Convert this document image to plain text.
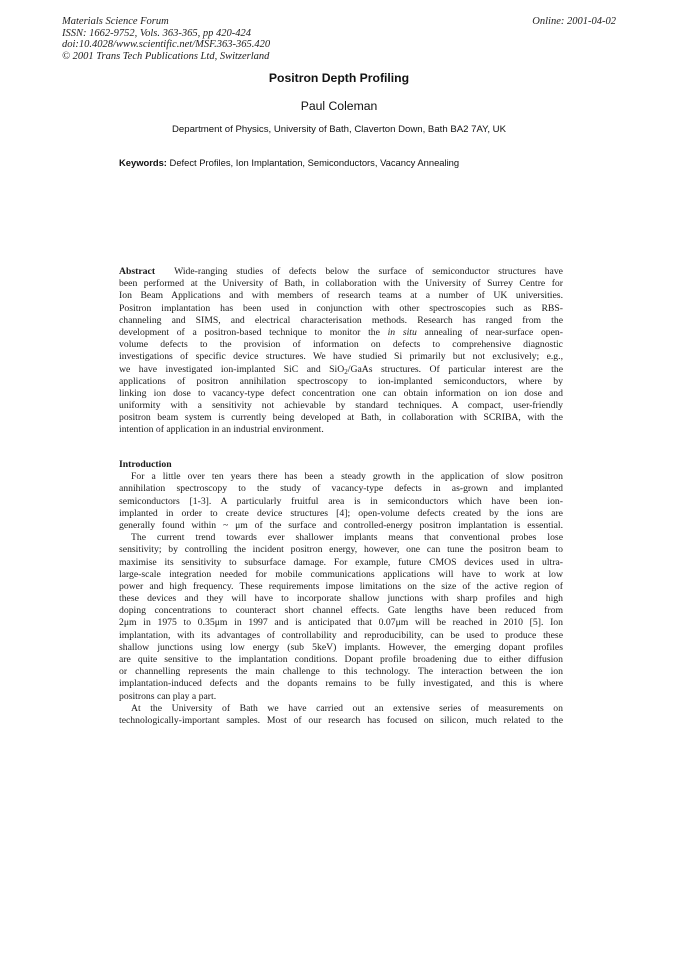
Materials Science Forum
ISSN: 1662-9752, Vols. 363-365, pp 420-424
doi:10.4028/www.scientific.net/MSF.363-365.420
© 2001 Trans Tech Publications Ltd, Switzerland
Online: 2001-04-02
Positron Depth Profiling
Paul Coleman
Department of Physics, University of Bath, Claverton Down, Bath BA2 7AY, UK
Keywords: Defect Profiles, Ion Implantation, Semiconductors, Vacancy Annealing
Abstract Wide-ranging studies of defects below the surface of semiconductor structures have
been performed at the University of Bath, in collaboration with the University of Surrey Centre for
Ion Beam Applications and with members of research teams at a number of UK universities.
Positron implantation has been used in conjunction with other spectroscopies such as RBS-
channeling and SIMS, and electrical characterisation methods. Research has ranged from the
development of a positron-based technique to monitor the in situ annealing of near-surface open-
volume defects to the provision of information on defects to comprehensive diagnostic
investigations of specific device structures. We have studied Si primarily but not exclusively; e.g.,
we have investigated ion-implanted SiC and SiO$_2$/GaAs structures. Of particular interest are the
applications of positron annihilation spectroscopy to ion-implanted semiconductors, where by
linking ion dose to vacancy-type defect concentration one can obtain information on ion dose and
uniformity with a sensitivity not achievable by standard techniques. A compact, user-friendly
positron beam system is currently being developed at Bath, in collaboration with SCRIBA, with the
intention of application in an industrial environment.
Introduction
For a little over ten years there has been a steady growth in the application of slow positron
annihilation spectroscopy to the study of vacancy-type defects in as-grown and implanted
semiconductors [1-3]. A particularly fruitful area is in semiconductors which have been ion-
implanted in order to create device structures [4]; open-volume defects created by the ions are
generally found within ~ μm of the surface and controlled-energy positron implantation is essential.
The current trend towards ever shallower implants means that conventional probes lose
sensitivity; by controlling the incident positron energy, however, one can tune the positron beam to
maximise its sensitivity to subsurface damage. For example, future CMOS devices used in ultra-
large-scale integration needed for mobile communications applications will have to work at low
power and high frequency. These requirements impose limitations on the size of the active region of
these devices and they will have to incorporate shallow junctions with sharp profiles and high
doping concentrations to counteract short channel effects. Gate lengths have been reduced from
2μm in 1975 to 0.35μm in 1997 and is anticipated that 0.07μm will be reached in 2010 [5]. Ion
implantation, with its advantages of controllability and reproducibility, can be used to produce these
shallow junctions using low energy (sub 5keV) implants. However, the emerging dopant profiles
are quite sensitive to the implantation conditions. Dopant profile broadening due to either diffusion
or channelling represents the main challenge to this technology. The interaction between the ion
implantation-induced defects and the dopants remains to be fully investigated, and this is where
positrons can play a part.
At the University of Bath we have carried out an extensive series of measurements on
technologically-important samples. Most of our research has focused on silicon, much related to the
